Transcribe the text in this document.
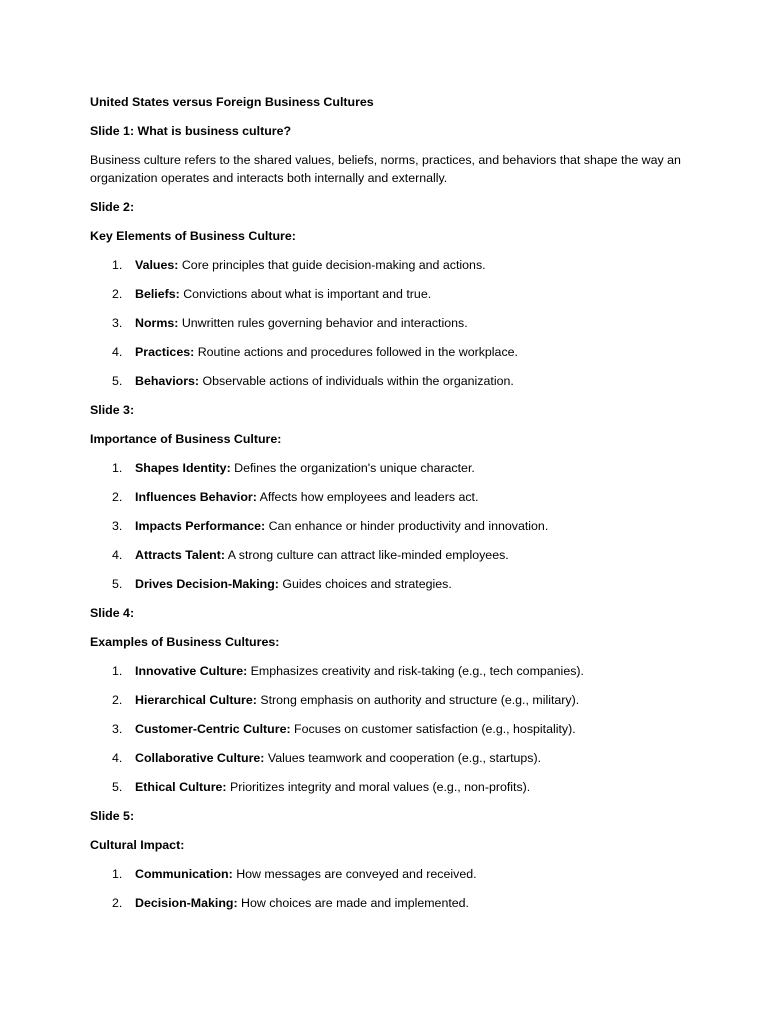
United States versus Foreign Business Cultures

Slide 1: What is business culture?

Business culture refers to the shared values, beliefs, norms, practices, and behaviors that shape the way an organization operates and interacts both internally and externally.

Slide 2:

Key Elements of Business Culture:

1. Values: Core principles that guide decision-making and actions.
2. Beliefs: Convictions about what is important and true.
3. Norms: Unwritten rules governing behavior and interactions.
4. Practices: Routine actions and procedures followed in the workplace.
5. Behaviors: Observable actions of individuals within the organization.

Slide 3:

Importance of Business Culture:

1. Shapes Identity: Defines the organization's unique character.
2. Influences Behavior: Affects how employees and leaders act.
3. Impacts Performance: Can enhance or hinder productivity and innovation.
4. Attracts Talent: A strong culture can attract like-minded employees.
5. Drives Decision-Making: Guides choices and strategies.

Slide 4:

Examples of Business Cultures:

1. Innovative Culture: Emphasizes creativity and risk-taking (e.g., tech companies).
2. Hierarchical Culture: Strong emphasis on authority and structure (e.g., military).
3. Customer-Centric Culture: Focuses on customer satisfaction (e.g., hospitality).
4. Collaborative Culture: Values teamwork and cooperation (e.g., startups).
5. Ethical Culture: Prioritizes integrity and moral values (e.g., non-profits).

Slide 5:

Cultural Impact:

1. Communication: How messages are conveyed and received.
2. Decision-Making: How choices are made and implemented.
